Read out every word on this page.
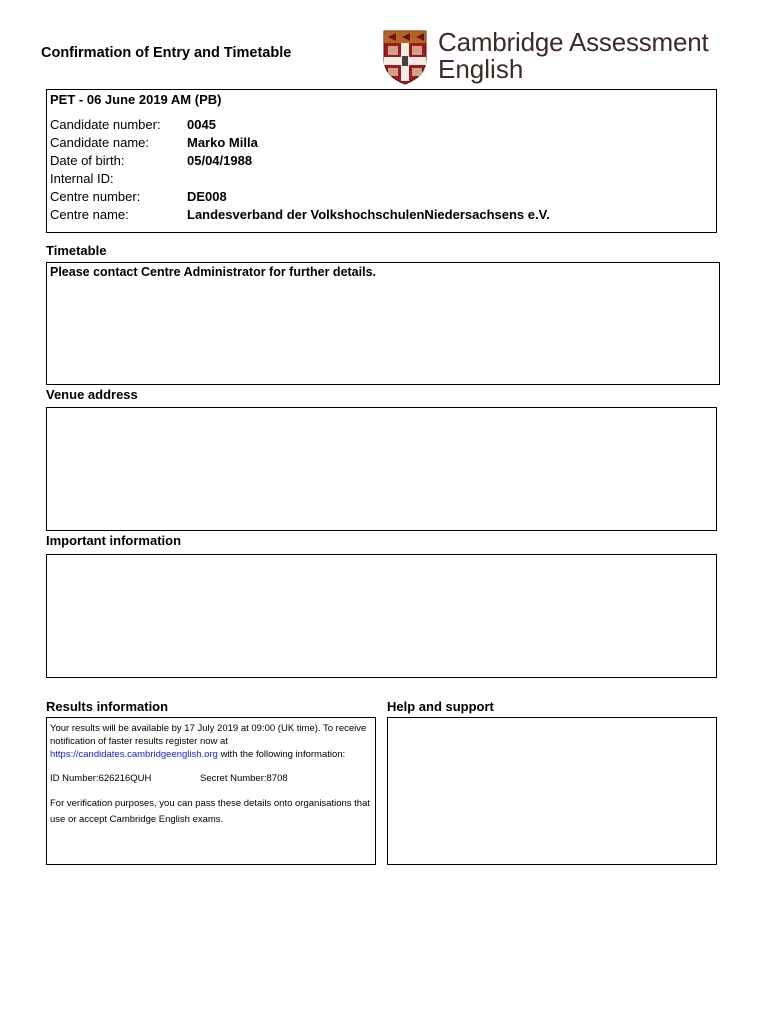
Confirmation of Entry and Timetable	Cambridge Assessment
English
PET - 06 June 2019 AM (PB)
Candidate number: 0045
Candidate name:	Marko Milla
Date of birth:	05/04/1988
Internal ID:
Centre number:	DE008
Centre name:	Landesverband der VolkshochschulenNiedersachsens e.V.
Timetable
Please contact Centre Administrator for further details.
Venue address
Important information
Results information

Your results will be available by 17 July 2019 at 09:00 (UK time). To receive notification of faster results register now at https://candidates.cambridgeenglish.org with the following information:

ID Number:626216QUH	Secret Number:8708

For verification purposes, you can pass these details onto organisations that use or accept Cambridge English exams.

Help and support
